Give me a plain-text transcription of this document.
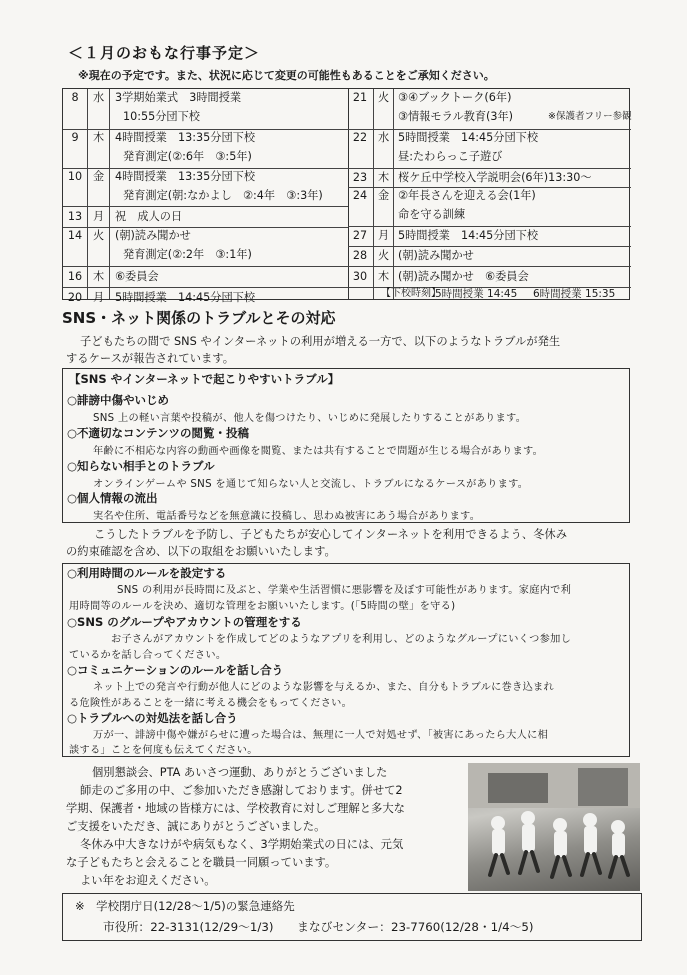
＜１月のおもな行事予定＞
※現在の予定です。また、状況に応じて変更の可能性もあることをご承知ください。
8	水 3学期始業式　3時間授業
10:55分団下校
9	木 4時間授業　13:35分団下校
発育測定(②:6年　③:5年)
10 金 4時間授業　13:35分団下校
発育測定(朝:なかよし　②:4年　③:3年)
13 月 祝　成人の日
14 火 (朝)読み聞かせ
発育測定(②:2年　③:1年)
16 木 ⑥委員会
20 月 5時間授業　14:45分団下校
21 火 ③④ブックトーク(6年)
③情報モラル教育(3年)	※保護者フリー参観
22 水 5時間授業　14:45分団下校
昼:たわらっこ子遊び
23 木 桜ケ丘中学校入学説明会(6年)13:30～
24 金 ②年長さんを迎える会(1年)
命を守る訓練
27 月 5時間授業　14:45分団下校
28 火 (朝)読み聞かせ
30 木 (朝)読み聞かせ　⑥委員会
【下校時刻】
5時間授業 14:45 6時間授業 15:35
SNS・ネット関係のトラブルとその対応
子どもたちの間で SNS やインターネットの利用が増える一方で、以下のようなトラブルが発生
するケースが報告されています。
【SNS やインターネットで起こりやすいトラブル】
○誹謗中傷やいじめ
SNS 上の軽い言葉や投稿が、他人を傷つけたり、いじめに発展したりすることがあります。
○不適切なコンテンツの閲覧・投稿
年齢に不相応な内容の動画や画像を閲覧、または共有することで問題が生じる場合があります。
○知らない相手とのトラブル
オンラインゲームや SNS を通じて知らない人と交流し、トラブルになるケースがあります。
○個人情報の流出
実名や住所、電話番号などを無意識に投稿し、思わぬ被害にあう場合があります。
こうしたトラブルを予防し、子どもたちが安心してインターネットを利用できるよう、冬休み
の約束確認を含め、以下の取組をお願いいたします。
○利用時間のルールを設定する
SNS の利用が長時間に及ぶと、学業や生活習慣に悪影響を及ぼす可能性があります。家庭内で利
用時間等のルールを決め、適切な管理をお願いいたします。(「5時間の壁」を守る)
○SNS のグループやアカウントの管理をする
お子さんがアカウントを作成してどのようなアプリを利用し、どのようなグループにいくつ参加し
ているかを話し合ってください。
○コミュニケーションのルールを話し合う
ネット上での発言や行動が他人にどのような影響を与えるか、また、自分もトラブルに巻き込まれ
る危険性があることを一緒に考える機会をもってください。
○トラブルへの対処法を話し合う
万が一、誹謗中傷や嫌がらせに遭った場合は、無理に一人で対処せず、「被害にあったら大人に相
談する」ことを何度も伝えてください。
個別懇談会、PTA あいさつ運動、ありがとうございました
師走のご多用の中、ご参加いただき感謝しております。併せて2
学期、保護者・地域の皆様方には、学校教育に対しご理解と多大な
ご支援をいただき、誠にありがとうございました。
冬休み中大きなけがや病気もなく、3学期始業式の日には、元気
な子どもたちと会えることを職員一同願っています。
よい年をお迎えください。
※　学校閉庁日(12/28～1/5)の緊急連絡先
市役所：22-3131(12/29～1/3)　　まなびセンター：23-7760(12/28・1/4～5)
